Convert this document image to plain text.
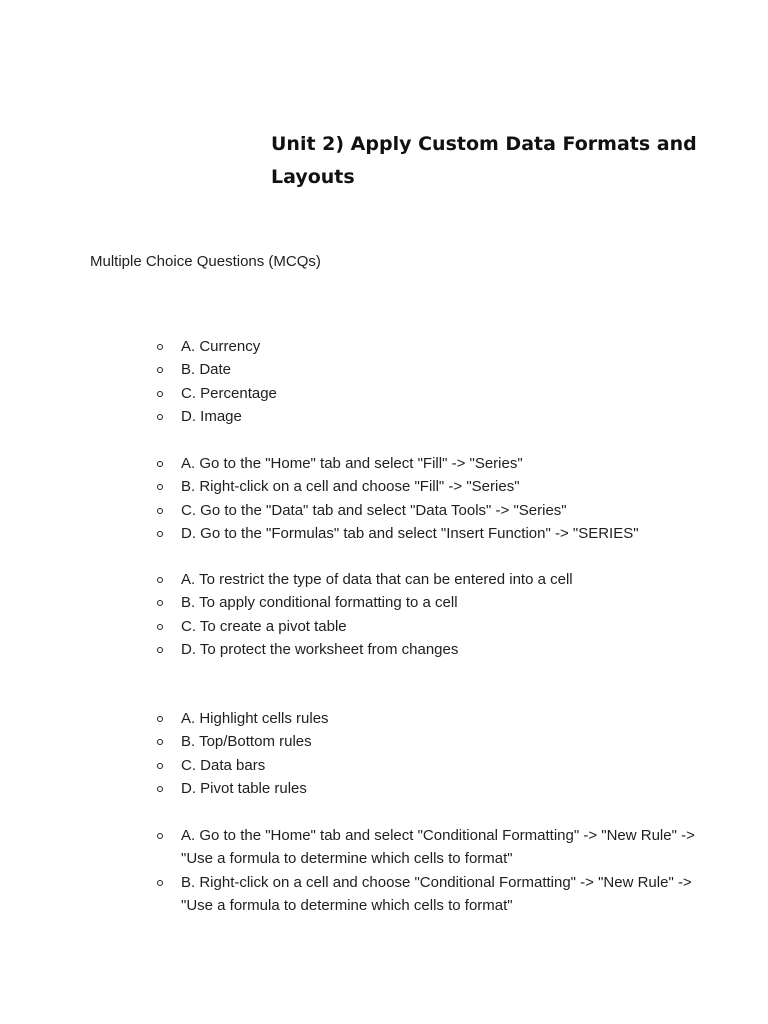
Unit 2) Apply Custom Data Formats and Layouts

Multiple Choice Questions (MCQs)

A. Currency
B. Date
C. Percentage
D. Image
A. Go to the "Home" tab and select "Fill" -> "Series"
B. Right-click on a cell and choose "Fill" -> "Series"
C. Go to the "Data" tab and select "Data Tools" -> "Series"
D. Go to the "Formulas" tab and select "Insert Function" -> "SERIES"
A. To restrict the type of data that can be entered into a cell
B. To apply conditional formatting to a cell
C. To create a pivot table
D. To protect the worksheet from changes
A. Highlight cells rules
B. Top/Bottom rules
C. Data bars
D. Pivot table rules
A. Go to the "Home" tab and select "Conditional Formatting" -> "New Rule" -> "Use a formula to determine which cells to format"
B. Right-click on a cell and choose "Conditional Formatting" -> "New Rule" -> "Use a formula to determine which cells to format"
